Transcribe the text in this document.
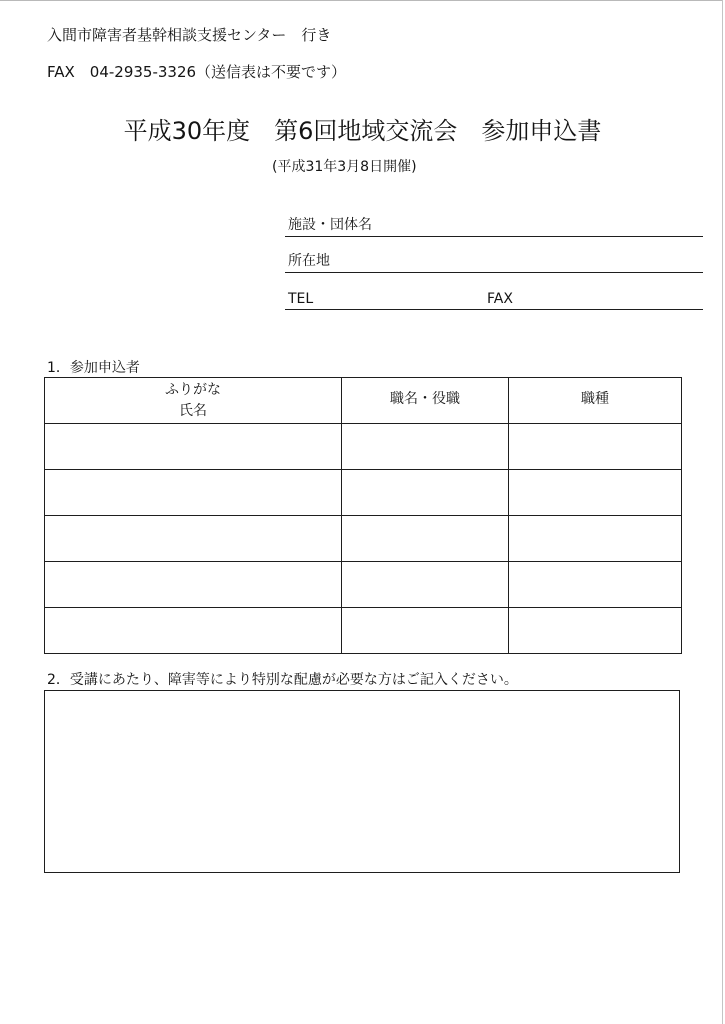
入間市障害者基幹相談支援センター　行き
FAX　04-2935-3326（送信表は不要です）
平成30年度　第6回地域交流会　参加申込書
(平成31年3月8日開催)
施設・団体名
所在地
TEL	FAX
1．参加申込者
ふりがな
氏名	職名・役職	職種

2．受講にあたり、障害等により特別な配慮が必要な方はご記入ください。
